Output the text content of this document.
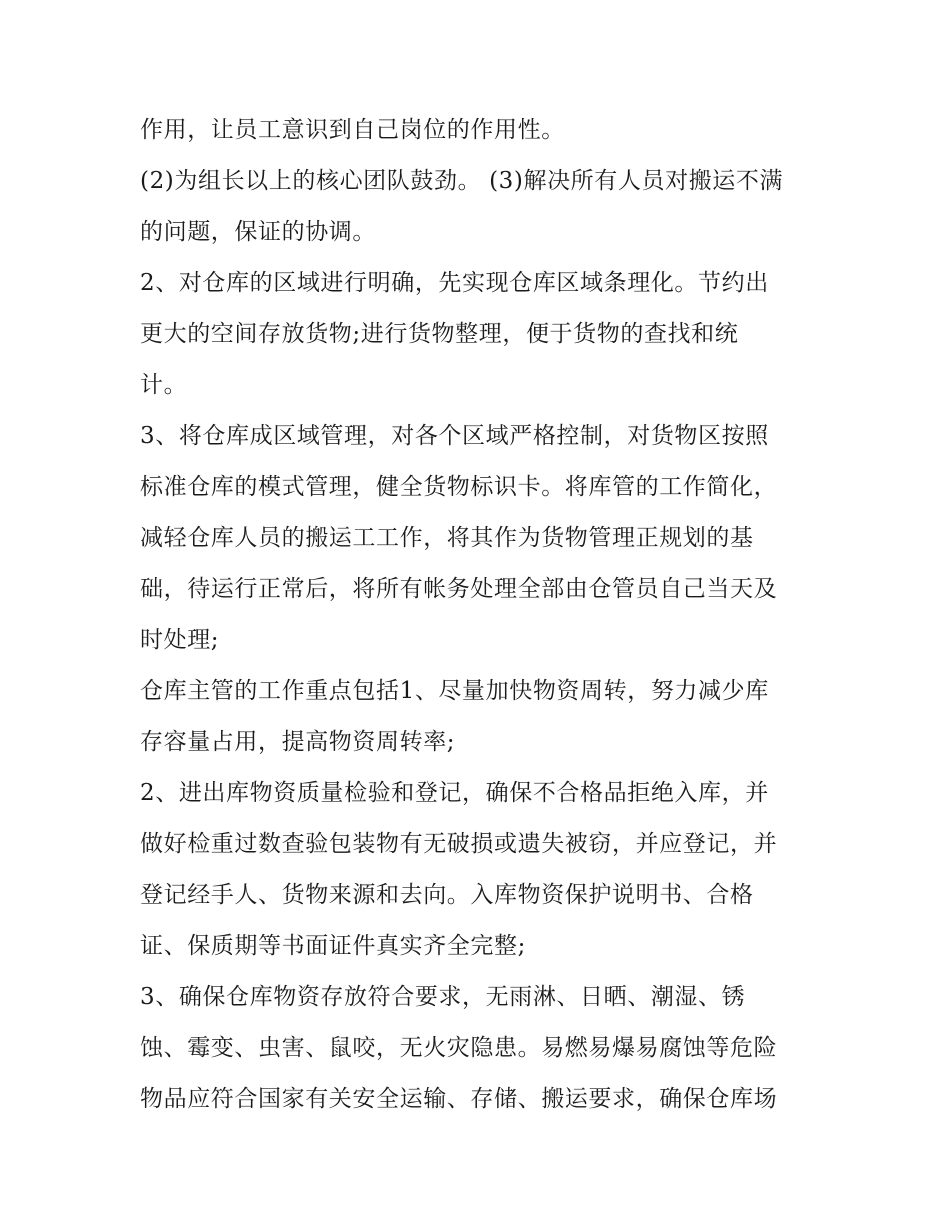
作用，让员工意识到自己岗位的作用性。
(2)为组长以上的核心团队鼓劲。 (3)解决所有人员对搬运不满
的问题，保证的协调。
2、对仓库的区域进行明确，先实现仓库区域条理化。节约出
更大的空间存放货物;进行货物整理，便于货物的查找和统
计。
3、将仓库成区域管理，对各个区域严格控制，对货物区按照
标准仓库的模式管理，健全货物标识卡。将库管的工作简化，
减轻仓库人员的搬运工工作，将其作为货物管理正规划的基
础，待运行正常后，将所有帐务处理全部由仓管员自己当天及
时处理;
仓库主管的工作重点包括1、尽量加快物资周转，努力减少库
存容量占用，提高物资周转率;
2、进出库物资质量检验和登记，确保不合格品拒绝入库，并
做好检重过数查验包装物有无破损或遗失被窃，并应登记，并
登记经手人、货物来源和去向。入库物资保护说明书、合格
证、保质期等书面证件真实齐全完整;
3、确保仓库物资存放符合要求，无雨淋、日晒、潮湿、锈
蚀、霉变、虫害、鼠咬，无火灾隐患。易燃易爆易腐蚀等危险
物品应符合国家有关安全运输、存储、搬运要求，确保仓库场
